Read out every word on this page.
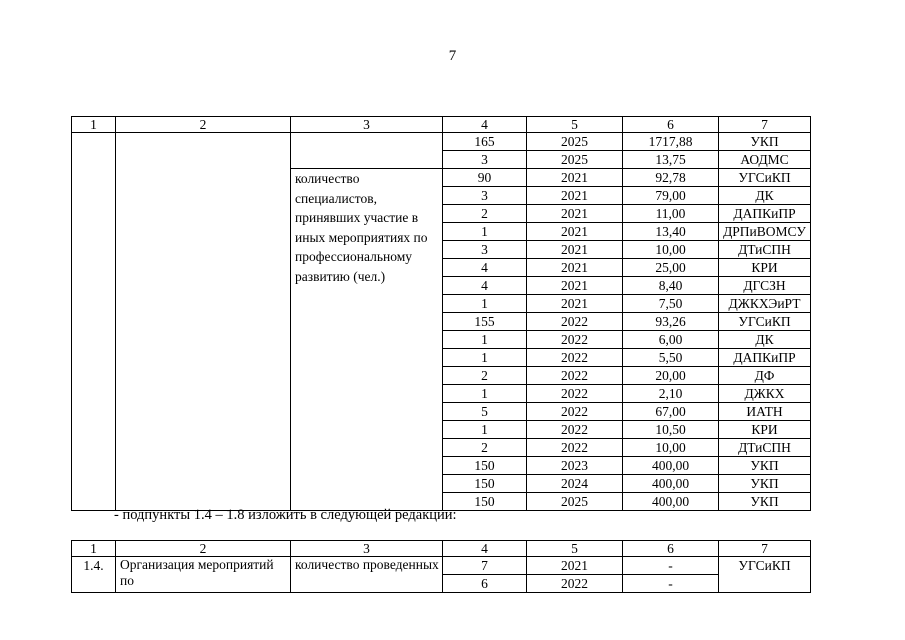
7
1	2	3	4	5	6	7
			165	2025	1717,88	УКП
			3	2025	13,75	АОДМС
		количество специалистов, принявших участие в иных мероприятиях по профессиональному развитию (чел.)	90	2021	92,78	УГСиКП
			3	2021	79,00	ДК
			2	2021	11,00	ДАПКиПР
			1	2021	13,40	ДРПиВОМСУ
			3	2021	10,00	ДТиСПН
			4	2021	25,00	КРИ
			4	2021	8,40	ДГСЗН
			1	2021	7,50	ДЖКХЭиРТ
			155	2022	93,26	УГСиКП
			1	2022	6,00	ДК
			1	2022	5,50	ДАПКиПР
			2	2022	20,00	ДФ
			1	2022	2,10	ДЖКХ
			5	2022	67,00	ИАТН
			1	2022	10,50	КРИ
			2	2022	10,00	ДТиСПН
			150	2023	400,00	УКП
			150	2024	400,00	УКП
			150	2025	400,00	УКП
- подпункты 1.4 – 1.8 изложить в следующей редакции:
1	2	3	4	5	6	7
1.4.	Организация мероприятий по	количество проведенных	7	2021	-	УГСиКП
			6	2022	-	
